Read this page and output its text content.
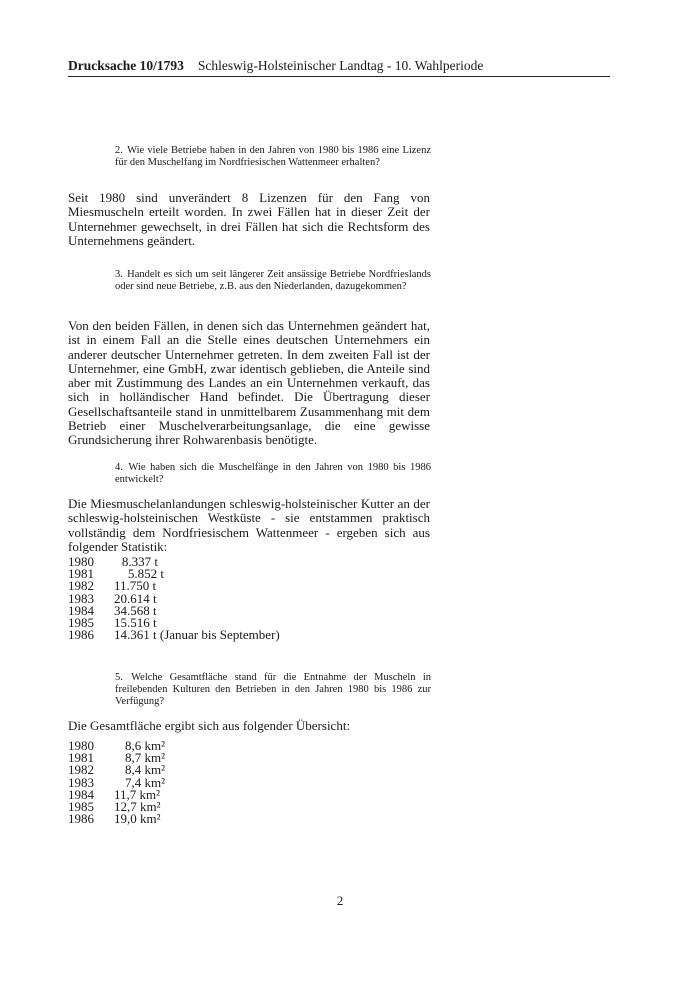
Drucksache 10/1793 Schleswig-Holsteinischer Landtag - 10. Wahlperiode
2. Wie viele Betriebe haben in den Jahren von 1980 bis 1986 eine Lizenz für den Muschelfang im Nordfriesischen Wattenmeer erhalten?
Seit 1980 sind unverändert 8 Lizenzen für den Fang von Miesmuscheln erteilt worden. In zwei Fällen hat in dieser Zeit der Unternehmer gewechselt, in drei Fällen hat sich die Rechtsform des Unternehmens geändert.
3. Handelt es sich um seit längerer Zeit ansässige Betriebe Nordfrieslands oder sind neue Betriebe, z.B. aus den Niederlanden, dazugekommen?
Von den beiden Fällen, in denen sich das Unternehmen geändert hat, ist in einem Fall an die Stelle eines deutschen Unternehmers ein anderer deutscher Unternehmer getreten. In dem zweiten Fall ist der Unternehmer, eine GmbH, zwar identisch geblieben, die Anteile sind aber mit Zustimmung des Landes an ein Unternehmen verkauft, das sich in holländischer Hand befindet. Die Übertragung dieser Gesellschaftsanteile stand in unmittelbarem Zusammenhang mit dem Betrieb einer Muschelverarbeitungsanlage, die eine gewisse Grundsicherung ihrer Rohwarenbasis benötigte.
4. Wie haben sich die Muschelfänge in den Jahren von 1980 bis 1986 entwickelt?
Die Miesmuschelanlandungen schleswig-holsteinischer Kutter an der schleswig-holsteinischen Westküste - sie entstammen praktisch vollständig dem Nordfriesischem Wattenmeer - ergeben sich aus folgender Statistik:
1980	8.337 t
1981	5.852 t
1982	11.750 t
1983	20.614 t
1984	34.568 t
1985	15.516 t
1986	14.361 t (Januar bis September)
5. Welche Gesamtfläche stand für die Entnahme der Muscheln in freilebenden Kulturen den Betrieben in den Jahren 1980 bis 1986 zur Verfügung?
Die Gesamtfläche ergibt sich aus folgender Übersicht:
1980	8,6 km²
1981	8,7 km²
1982	8,4 km²
1983	7,4 km²
1984	11,7 km²
1985	12,7 km²
1986	19,0 km²
2
